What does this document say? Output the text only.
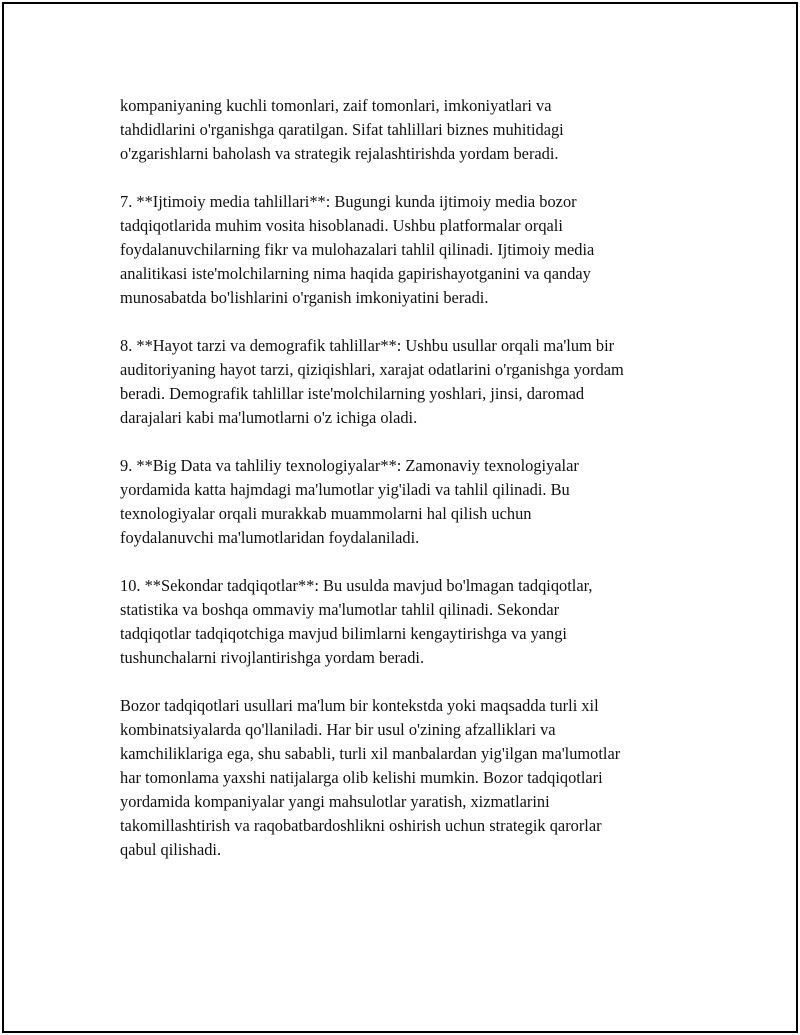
kompaniyaning kuchli tomonlari, zaif tomonlari, imkoniyatlari va
tahdidlarini o'rganishga qaratilgan. Sifat tahlillari biznes muhitidagi
o'zgarishlarni baholash va strategik rejalashtirishda yordam beradi.

7. **Ijtimoiy media tahlillari**: Bugungi kunda ijtimoiy media bozor
tadqiqotlarida muhim vosita hisoblanadi. Ushbu platformalar orqali
foydalanuvchilarning fikr va mulohazalari tahlil qilinadi. Ijtimoiy media
analitikasi iste'molchilarning nima haqida gapirishayotganini va qanday
munosabatda bo'lishlarini o'rganish imkoniyatini beradi.

8. **Hayot tarzi va demografik tahlillar**: Ushbu usullar orqali ma'lum bir
auditoriyaning hayot tarzi, qiziqishlari, xarajat odatlarini o'rganishga yordam
beradi. Demografik tahlillar iste'molchilarning yoshlari, jinsi, daromad
darajalari kabi ma'lumotlarni o'z ichiga oladi.

9. **Big Data va tahliliy texnologiyalar**: Zamonaviy texnologiyalar
yordamida katta hajmdagi ma'lumotlar yig'iladi va tahlil qilinadi. Bu
texnologiyalar orqali murakkab muammolarni hal qilish uchun
foydalanuvchi ma'lumotlaridan foydalaniladi.

10. **Sekondar tadqiqotlar**: Bu usulda mavjud bo'lmagan tadqiqotlar,
statistika va boshqa ommaviy ma'lumotlar tahlil qilinadi. Sekondar
tadqiqotlar tadqiqotchiga mavjud bilimlarni kengaytirishga va yangi
tushunchalarni rivojlantirishga yordam beradi.

Bozor tadqiqotlari usullari ma'lum bir kontekstda yoki maqsadda turli xil
kombinatsiyalarda qo'llaniladi. Har bir usul o'zining afzalliklari va
kamchiliklariga ega, shu sababli, turli xil manbalardan yig'ilgan ma'lumotlar
har tomonlama yaxshi natijalarga olib kelishi mumkin. Bozor tadqiqotlari
yordamida kompaniyalar yangi mahsulotlar yaratish, xizmatlarini
takomillashtirish va raqobatbardoshlikni oshirish uchun strategik qarorlar
qabul qilishadi.
